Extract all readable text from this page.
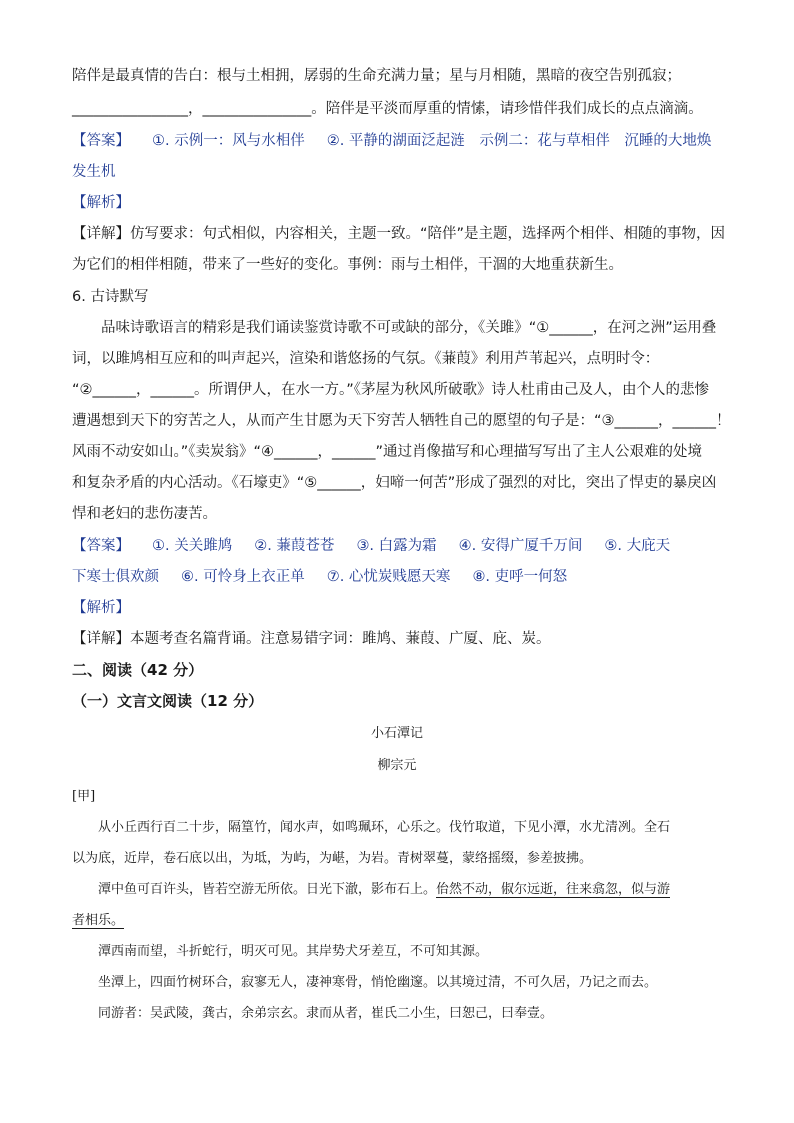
陪伴是最真情的告白：根与土相拥，孱弱的生命充满力量；星与月相随，黑暗的夜空告别孤寂；
________________，_______________。陪伴是平淡而厚重的情愫，请珍惜伴我们成长的点点滴滴。
【答案】 ①. 示例一：风与水相伴 ②. 平静的湖面泛起涟　示例二：花与草相伴　沉睡的大地焕
发生机
【解析】
【详解】仿写要求：句式相似，内容相关，主题一致。“陪伴”是主题，选择两个相伴、相随的事物，因
为它们的相伴相随，带来了一些好的变化。事例：雨与土相伴，干涸的大地重获新生。
6. 古诗默写
　　品味诗歌语言的精彩是我们诵读鉴赏诗歌不可或缺的部分，《关雎》“①______，在河之洲”运用叠
词，以雎鸠相互应和的叫声起兴，渲染和谐悠扬的气氛。《蒹葭》利用芦苇起兴，点明时令：
“②______，______。所谓伊人，在水一方。”《茅屋为秋风所破歌》诗人杜甫由己及人，由个人的悲惨
遭遇想到天下的穷苦之人，从而产生甘愿为天下穷苦人牺牲自己的愿望的句子是：“③______，______！
风雨不动安如山。”《卖炭翁》“④______，______”通过肖像描写和心理描写写出了主人公艰难的处境
和复杂矛盾的内心活动。《石壕吏》“⑤______，妇啼一何苦”形成了强烈的对比，突出了悍吏的暴戾凶
悍和老妇的悲伤凄苦。
【答案】 ①. 关关雎鸠 ②. 蒹葭苍苍 ③. 白露为霜 ④. 安得广厦千万间 ⑤. 大庇天
下寒士俱欢颜 ⑥. 可怜身上衣正单 ⑦. 心忧炭贱愿天寒 ⑧. 吏呼一何怒
【解析】
【详解】本题考查名篇背诵。注意易错字词：雎鸠、蒹葭、广厦、庇、炭。
二、阅读（42 分）
（一）文言文阅读（12 分）
小石潭记
柳宗元
[甲]
　　从小丘西行百二十步，隔篁竹，闻水声，如鸣珮环，心乐之。伐竹取道，下见小潭，水尤清冽。全石
以为底，近岸，卷石底以出，为坻，为屿，为嵁，为岩。青树翠蔓，蒙络摇缀，参差披拂。
　　潭中鱼可百许头，皆若空游无所依。日光下澈，影布石上。佁然不动，俶尔远逝，往来翕忽，似与游
者相乐。
　　潭西南而望，斗折蛇行，明灭可见。其岸势犬牙差互，不可知其源。
　　坐潭上，四面竹树环合，寂寥无人，凄神寒骨，悄怆幽邃。以其境过清，不可久居，乃记之而去。
　　同游者：吴武陵，龚古，余弟宗玄。隶而从者，崔氏二小生，曰恕己，曰奉壹。
